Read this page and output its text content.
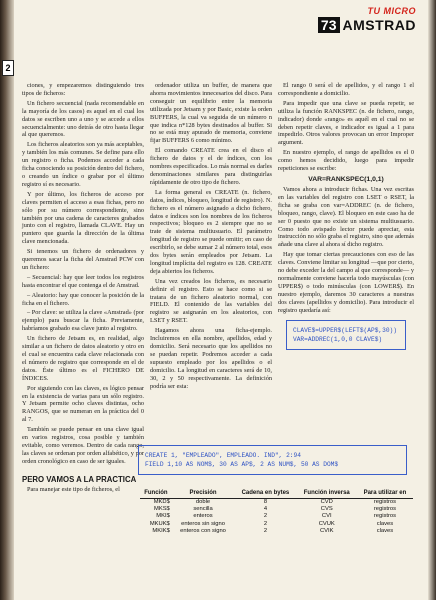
2
TU MICRO
73 AMSTRAD

ciones, y empezaremos distinguiendo tres tipos de ficheros:

Un fichero secuencial (nada recomendable en la mayoría de los casos) es aquel en el cual los datos se escriben uno a uno y se accede a ellos secuencialmente: uno detrás de otro hasta llegar al que queremos.

Los ficheros aleatorios son ya más aceptables, y también los más comunes. Se define para ello un registro o ficha. Podemos acceder a cada ficha conociendo su posición dentro del fichero, o creando un índice o grabar por el último registro sí es necesario.

Y por último, los ficheros de acceso por claves permiten el acceso a esas fichas, pero no sólo por su número correspondiente, sino también por una cadena de caracteres grabados junto con el registro, llamada CLAVE. Hay un puntero que guarda la dirección de la última clave mencionada.

Si tenemos un fichero de ordenadores y queremos sacar la ficha del Amstrad PCW con un fichero:

– Secuencial: hay que leer todos los registros hasta encontrar el que contenga el de Amstrad.

– Aleatorio: hay que conocer la posición de la ficha en el fichero.

– Por clave: se utiliza la clave «Amstrad» (por ejemplo) para buscar la ficha. Previamente, habríamos grabado esa clave junto al registro.

Un fichero de Jetsam es, en realidad, algo similar a un fichero de datos aleatorio y otro en el cual se encuentra cada clave relacionada con el número de registro que corresponde en el de datos. Éste último es el FICHERO DE ÍNDICES.

Por siguiendo con las claves, es lógico pensar en la existencia de varias para un sólo registro. Y Jetsam permite ocho claves distintas, ocho RANGOS, que se numeran en la práctica del 0 al 7.

También se puede pensar en una clave igual en varios registros, cosa posible y también evitable, como veremos. Dentro de cada rango, las claves se ordenan por orden alfabético, y por orden cronológico en caso de ser iguales.

PERO VAMOS A LA PRACTICA

Para manejar este tipo de ficheros, el

ordenador utiliza un buffer, de manera que ahorra movimientos innecesarios del disco. Para conseguir un equilibrio entre la memoria utilizada por Jetsam y por Basic, existe la orden BUFFERS, la cual va seguida de un número n que indica n*128 bytes destinados al buffer. Si no se está muy apurado de memoria, conviene fijar BUFFERS 6 como mínimo.

El comando CREATE crea en el disco el fichero de datos y el de índices, con los nombres especificados. Lo más normal es darles denominaciones similares para distinguirlas rápidamente de otro tipo de fichero.

La forma general es CREATE (n. fichero, datos, índices, bloqueo, longitud de registro). N. fichero es el número asignado a dicho fichero, datos e índices son los nombres de los ficheros respectivos; bloqueo es 2 siempre que no se trate de sistema multiusuario. El parámetro longitud de registro se puede omitir; en caso de escribirlo, se debe sumar 2 al número total, esos dos bytes serán empleados por Jetsam. La longitud implícita del registro es 128. CREATE deja abiertos los ficheros.

Una vez creados los ficheros, es necesario definir el registro. Esto se hace como si se tratara de un fichero aleatorio normal, con FIELD. El contenido de las variables del registro se asignarán en los aleatorios, con LSET y RSET.

Hagamos ahora una ficha-ejemplo. Incluiremos en ella nombre, apellidos, edad y domicilio. Será necesario que los apellidos no se puedan repetir. Podremos acceder a cada supuesto empleado por los apellidos o el domicilio. La longitud en caracteres será de 10, 30, 2 y 50 respectivamente. La definición podría ser esta:

El rango 0 será el de apellidos, y el rango 1 el correspondiente a domicilio.

Para impedir que una clave se pueda repetir, se utiliza la función RANKSPEC (n. de fichero, rango, indicador) donde «rango» es aquél en el cual no se deben repetir claves, e indicador es igual a 1 para impedirlo. Otros valores provocan un error Improper argument.

En nuestro ejemplo, el rango de apellidos es el 0 como hemos decidido, luego para impedir repeticiones se escribe:

VAR=RANKSPEC(1,0,1)

Vamos ahora a introducir fichas. Una vez escritas en las variables del registro con LSET o RSET, la ficha se graba con var=ADDREC (n. de fichero, bloqueo, rango, clave). El bloqueo en este caso ha de ser 0 puesto que no existe un sistema multiusuario. Como todo avispado lector puede apreciar, esta instrucción no sólo graba el registro, sino que además añade una clave al ahora sí dicho registro.

Hay que tomar ciertas precauciones con eso de las claves. Conviene limitar su longitud —que por cierto, no debe exceder la del campo al que corresponde— y normalmente conviene hacerla todo mayúsculas (con UPPER$) o todo minúsculas (con LOWER$). En nuestro ejemplo, daremos 30 caracteres a nuestras dos claves (apellidos y domicilio). Para introducir el registro quedaría así:

CLAVE$=UPPER$(LEFT$(AP$,30))
VAR=ADDREC(1,0,0 CLAVE$)
CREATE 1, "EMPLEADO", EMPLEADO. IND", 2:94
FIELD 1,10 AS NOM$, 30 AS AP$, 2 AS NUM$, 50 AS DOM$
Función	Precisión	Cadena en bytes	Función inversa	Para utilizar en
MKD$	doble	8	CVD	registros
MKS$	sencilla	4	CVS	registros
MKI$	enteros	2	CVI	registros
MKUK$	enteros sin signo	2	CVUK	claves
MKIK$	enteros con signo	2	CVIK	claves
